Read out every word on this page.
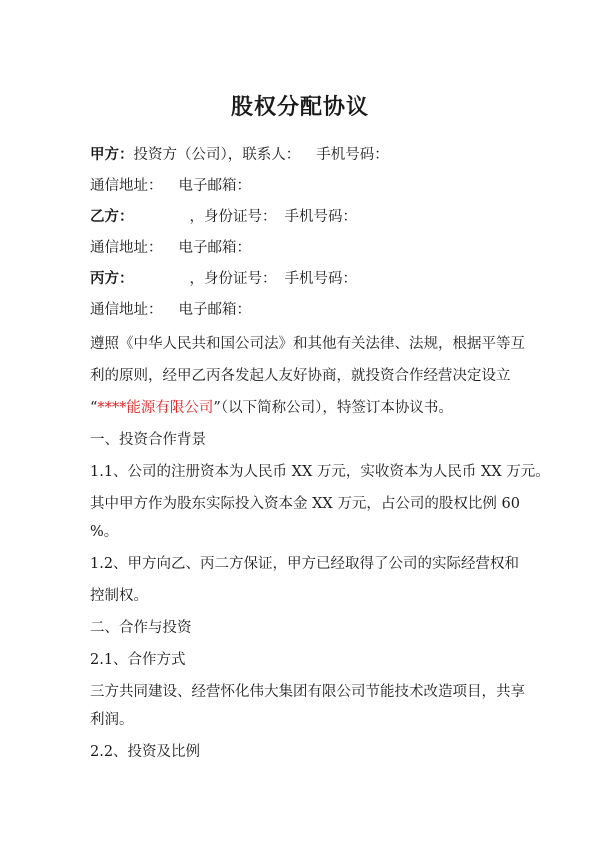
股权分配协议
甲方：投资方（公司），联系人： 手机号码：
通信地址： 电子邮箱：
乙方：	，身份证号： 手机号码：
通信地址： 电子邮箱：
丙方：	，身份证号： 手机号码：
通信地址： 电子邮箱：
遵照《中华人民共和国公司法》和其他有关法律、法规，根据平等互
利的原则，经甲乙丙各发起人友好协商，就投资合作经营决定设立
“****能源有限公司”（以下简称公司），特签订本协议书。
一、投资合作背景
1.1、公司的注册资本为人民币 XX 万元，实收资本为人民币 XX 万元。
其中甲方作为股东实际投入资本金 XX 万元，占公司的股权比例 60
%。
1.2、甲方向乙、丙二方保证，甲方已经取得了公司的实际经营权和
控制权。
二、合作与投资
2.1、合作方式
三方共同建设、经营怀化伟大集团有限公司节能技术改造项目，共享
利润。
2.2、投资及比例
